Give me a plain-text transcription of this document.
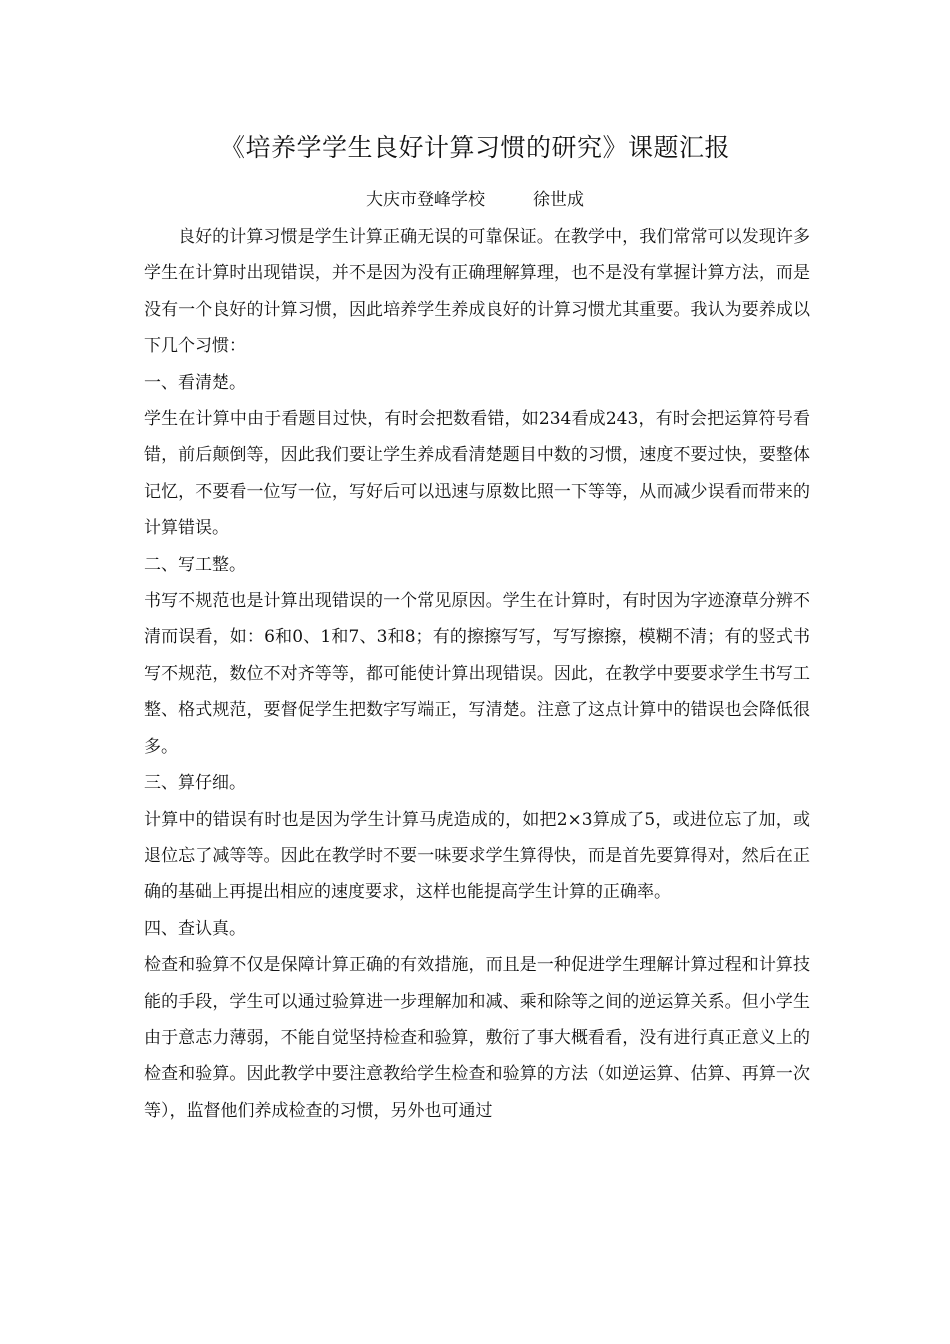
《培养学学生良好计算习惯的研究》课题汇报
大庆市登峰学校	徐世成

良好的计算习惯是学生计算正确无误的可靠保证。在教学中，我们常常可以发现许多学生在计算时出现错误，并不是因为没有正确理解算理，也不是没有掌握计算方法，而是没有一个良好的计算习惯，因此培养学生养成良好的计算习惯尤其重要。我认为要养成以下几个习惯：

一、看清楚。

学生在计算中由于看题目过快，有时会把数看错，如234看成243，有时会把运算符号看错，前后颠倒等，因此我们要让学生养成看清楚题目中数的习惯，速度不要过快，要整体记忆，不要看一位写一位，写好后可以迅速与原数比照一下等等，从而减少误看而带来的计算错误。

二、写工整。

书写不规范也是计算出现错误的一个常见原因。学生在计算时，有时因为字迹潦草分辨不清而误看，如：6和0、1和7、3和8；有的擦擦写写，写写擦擦，模糊不清；有的竖式书写不规范，数位不对齐等等，都可能使计算出现错误。因此，在教学中要要求学生书写工整、格式规范，要督促学生把数字写端正，写清楚。注意了这点计算中的错误也会降低很多。

三、算仔细。

计算中的错误有时也是因为学生计算马虎造成的，如把2×3算成了5，或进位忘了加，或退位忘了减等等。因此在教学时不要一味要求学生算得快，而是首先要算得对，然后在正确的基础上再提出相应的速度要求，这样也能提高学生计算的正确率。

四、查认真。

检查和验算不仅是保障计算正确的有效措施，而且是一种促进学生理解计算过程和计算技能的手段，学生可以通过验算进一步理解加和减、乘和除等之间的逆运算关系。但小学生由于意志力薄弱，不能自觉坚持检查和验算，敷衍了事大概看看，没有进行真正意义上的检查和验算。因此教学中要注意教给学生检查和验算的方法（如逆运算、估算、再算一次等），监督他们养成检查的习惯，另外也可通过
